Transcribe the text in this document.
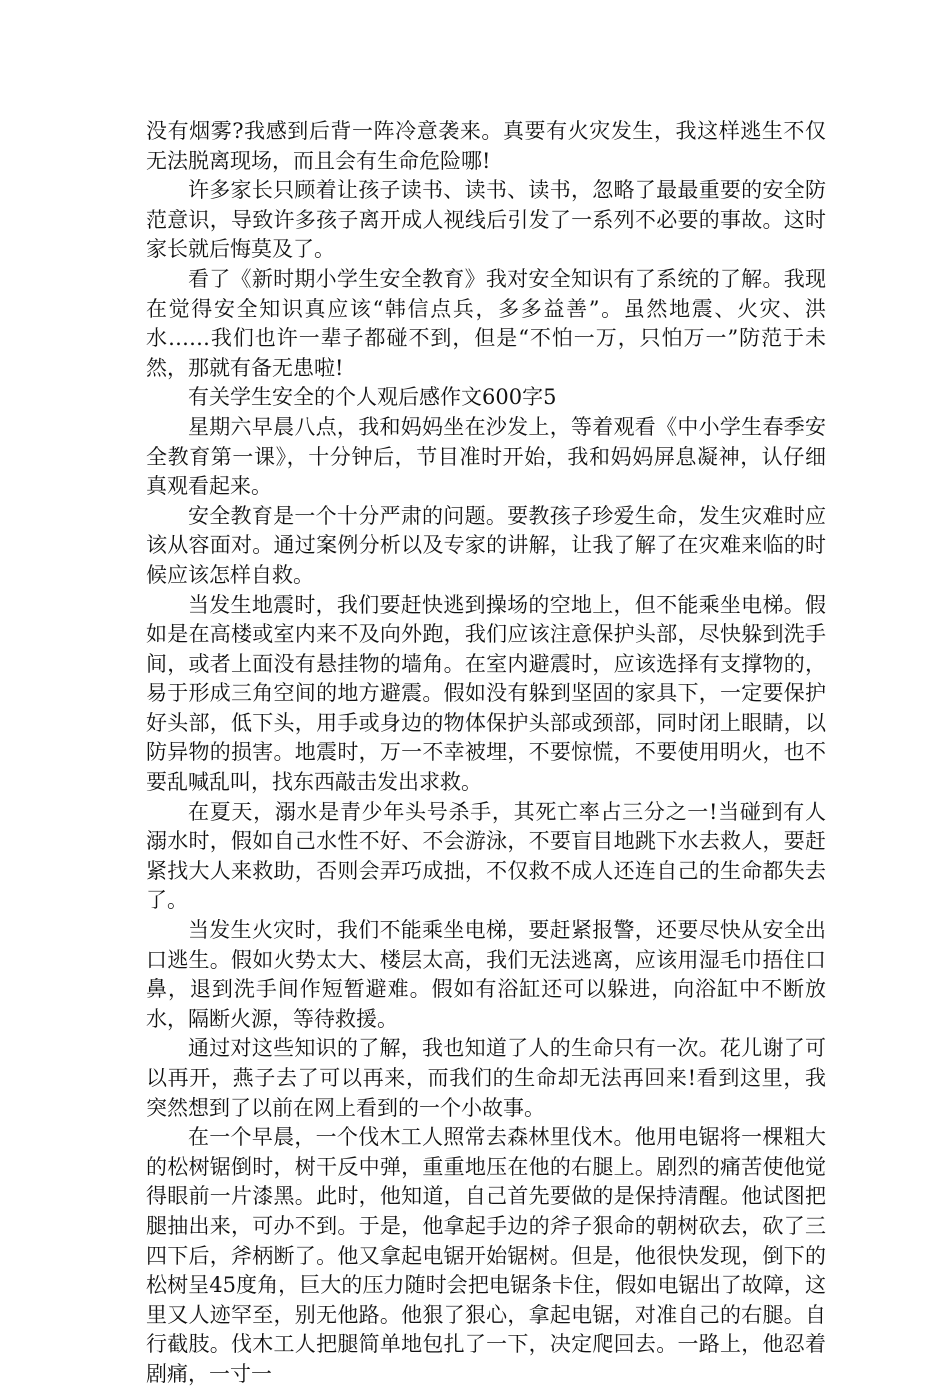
没有烟雾?我感到后背一阵冷意袭来。真要有火灾发生，我这样逃生不仅无法脱离现场，而且会有生命危险哪!

许多家长只顾着让孩子读书、读书、读书，忽略了最最重要的安全防范意识，导致许多孩子离开成人视线后引发了一系列不必要的事故。这时家长就后悔莫及了。

看了《新时期小学生安全教育》我对安全知识有了系统的了解。我现在觉得安全知识真应该“韩信点兵，多多益善”。虽然地震、火灾、洪水……我们也许一辈子都碰不到，但是“不怕一万，只怕万一”防范于未然，那就有备无患啦!

有关学生安全的个人观后感作文600字5

星期六早晨八点，我和妈妈坐在沙发上，等着观看《中小学生春季安全教育第一课》，十分钟后，节目准时开始，我和妈妈屏息凝神，认仔细真观看起来。

安全教育是一个十分严肃的问题。要教孩子珍爱生命，发生灾难时应该从容面对。通过案例分析以及专家的讲解，让我了解了在灾难来临的时候应该怎样自救。

当发生地震时，我们要赶快逃到操场的空地上，但不能乘坐电梯。假如是在高楼或室内来不及向外跑，我们应该注意保护头部，尽快躲到洗手间，或者上面没有悬挂物的墙角。在室内避震时，应该选择有支撑物的，易于形成三角空间的地方避震。假如没有躲到坚固的家具下，一定要保护好头部，低下头，用手或身边的物体保护头部或颈部，同时闭上眼睛，以防异物的损害。地震时，万一不幸被埋，不要惊慌，不要使用明火，也不要乱喊乱叫，找东西敲击发出求救。

在夏天，溺水是青少年头号杀手，其死亡率占三分之一!当碰到有人溺水时，假如自己水性不好、不会游泳，不要盲目地跳下水去救人，要赶紧找大人来救助，否则会弄巧成拙，不仅救不成人还连自己的生命都失去了。

当发生火灾时，我们不能乘坐电梯，要赶紧报警，还要尽快从安全出口逃生。假如火势太大、楼层太高，我们无法逃离，应该用湿毛巾捂住口鼻，退到洗手间作短暂避难。假如有浴缸还可以躲进，向浴缸中不断放水，隔断火源，等待救援。

通过对这些知识的了解，我也知道了人的生命只有一次。花儿谢了可以再开，燕子去了可以再来，而我们的生命却无法再回来!看到这里，我突然想到了以前在网上看到的一个小故事。

在一个早晨，一个伐木工人照常去森林里伐木。他用电锯将一棵粗大的松树锯倒时，树干反中弹，重重地压在他的右腿上。剧烈的痛苦使他觉得眼前一片漆黑。此时，他知道，自己首先要做的是保持清醒。他试图把腿抽出来，可办不到。于是，他拿起手边的斧子狠命的朝树砍去，砍了三四下后，斧柄断了。他又拿起电锯开始锯树。但是，他很快发现，倒下的松树呈45度角，巨大的压力随时会把电锯条卡住，假如电锯出了故障，这里又人迹罕至，别无他路。他狠了狠心，拿起电锯，对准自己的右腿。自行截肢。伐木工人把腿简单地包扎了一下，决定爬回去。一路上，他忍着剧痛，一寸一
